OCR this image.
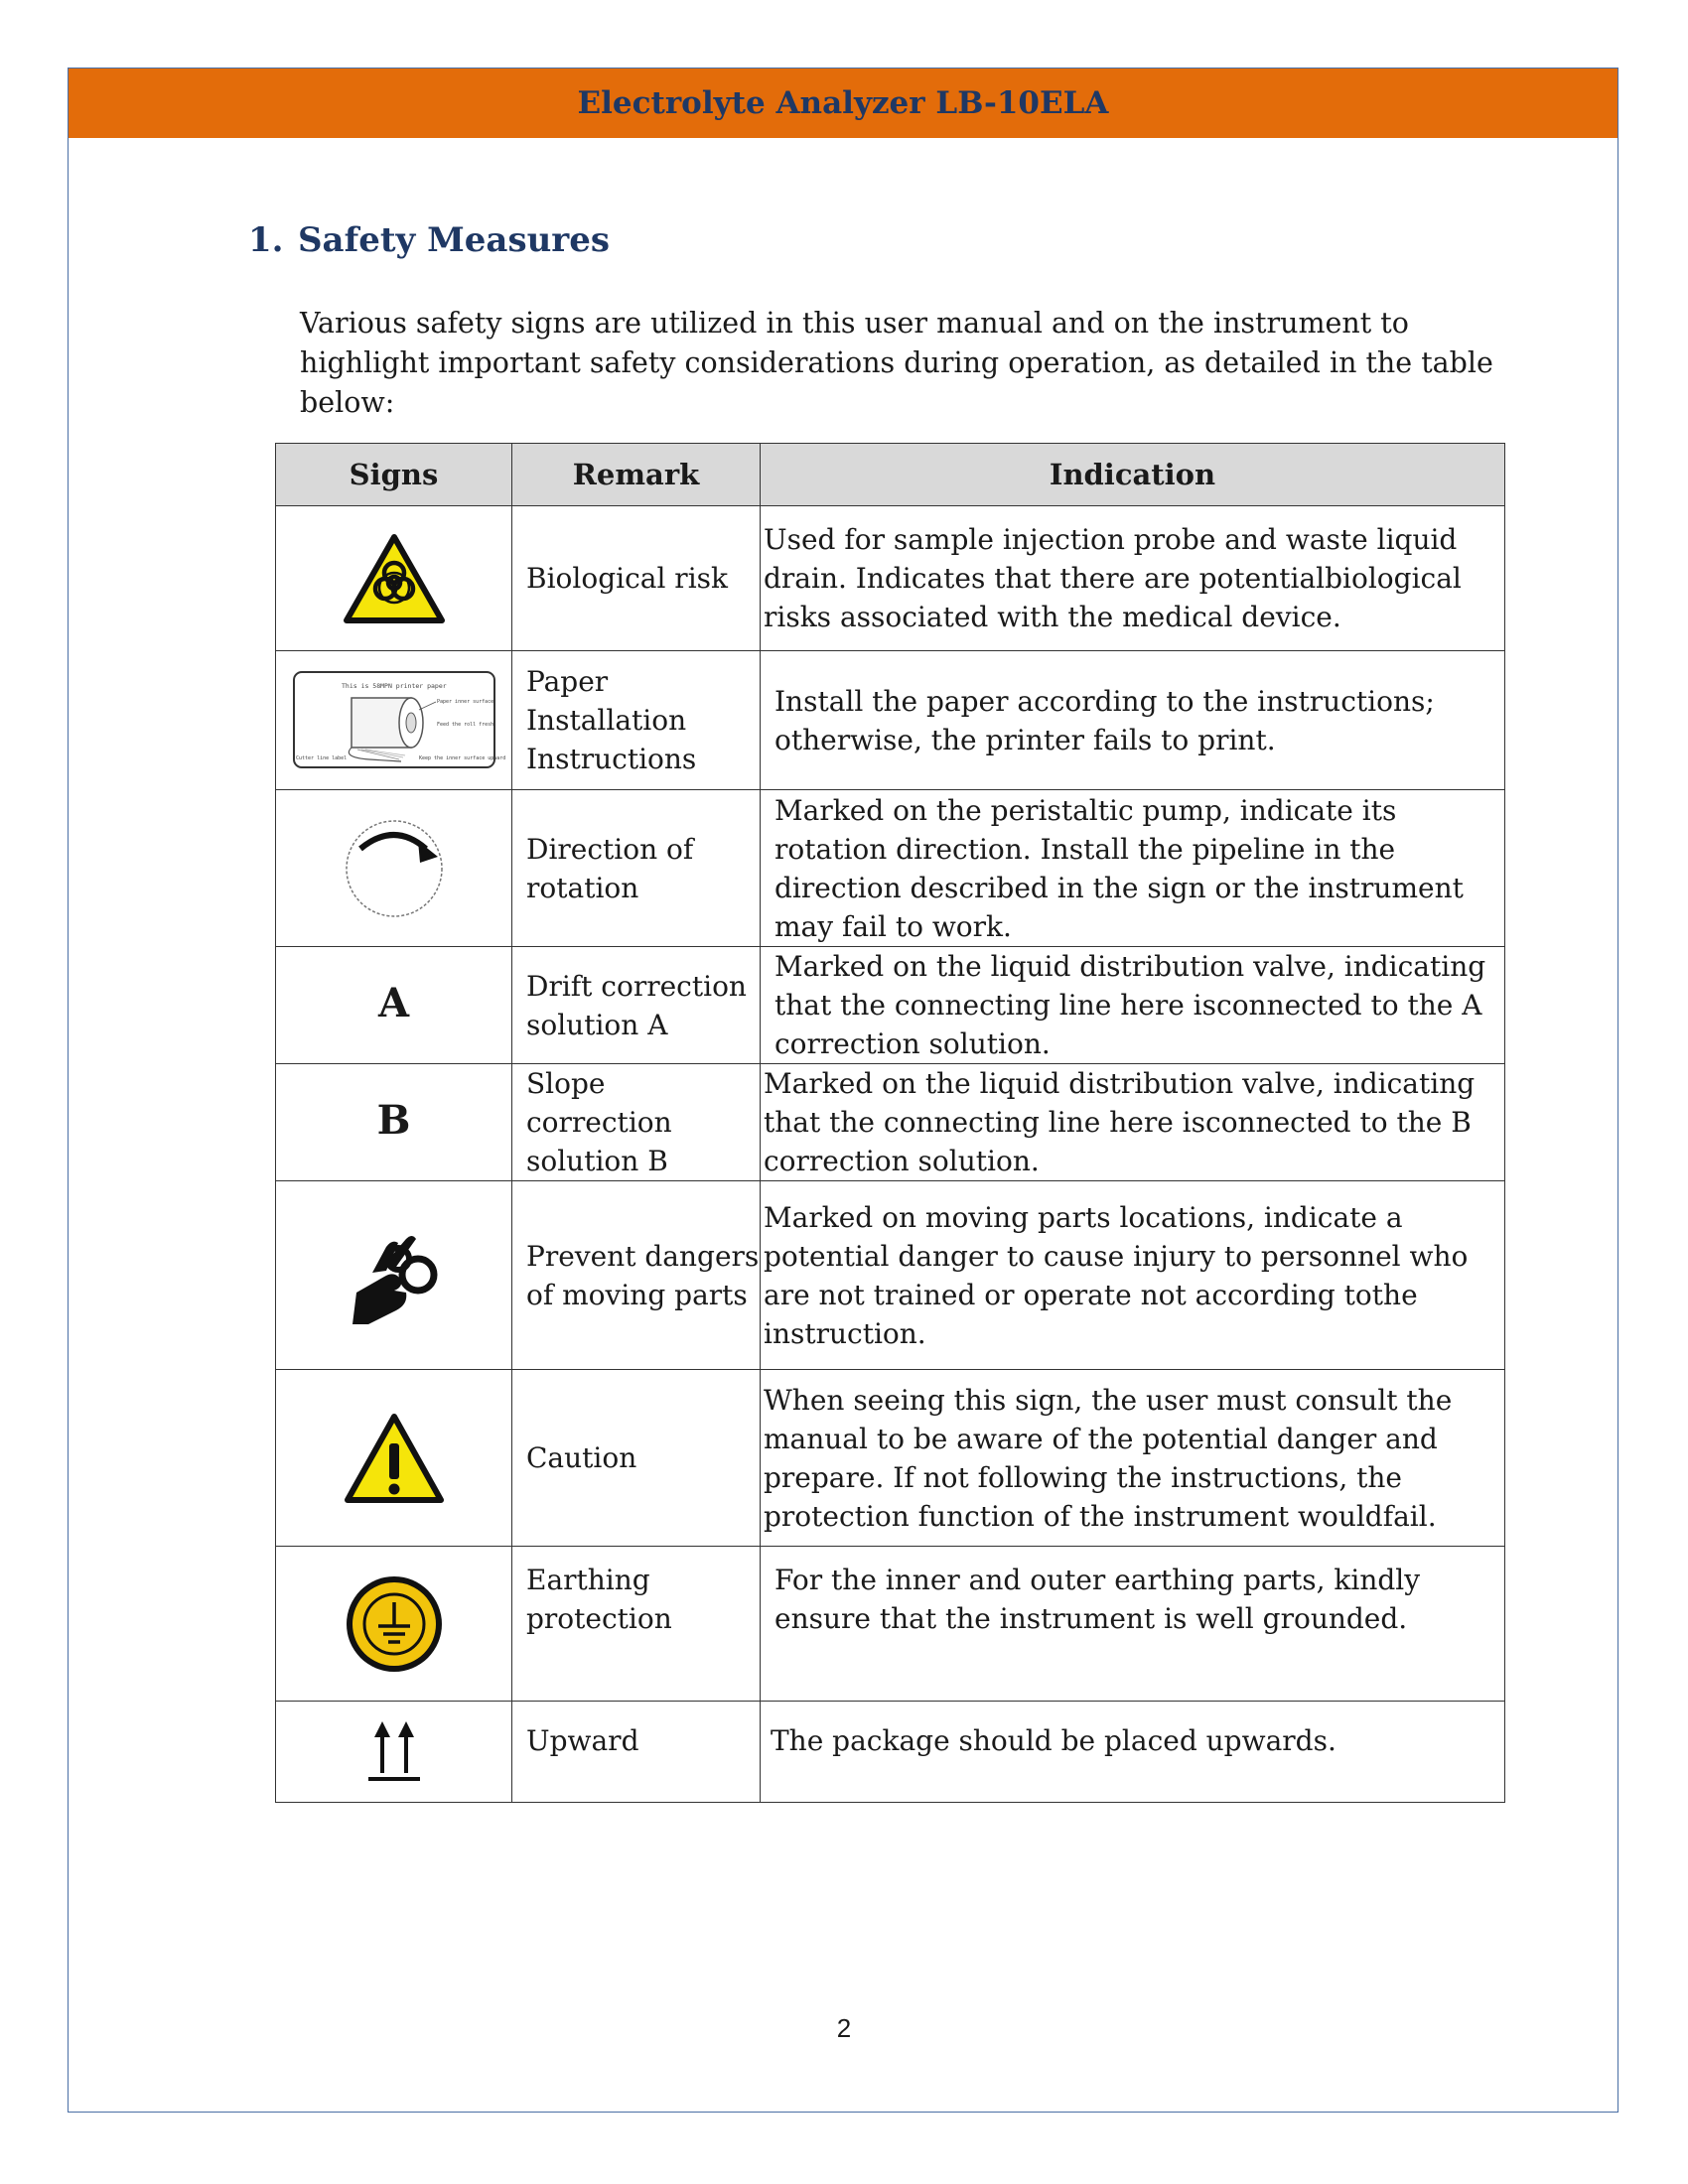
Electrolyte Analyzer LB-10ELA
1. Safety Measures
Various safety signs are utilized in this user manual and on the instrument to highlight important safety considerations during operation, as detailed in the table below:
Signs	Remark	Indication
	Biological risk	Used for sample injection probe and waste liquid drain. Indicates that there are potentialbiological risks associated with the medical device.

This is 58MPN printer paper
Paper inner surface
Feed the roll fresh
Cutter line label Keep the inner surface upward	Paper Installation Instructions	Install the paper according to the instructions; otherwise, the printer fails to print.
	Direction of rotation	Marked on the peristaltic pump, indicate its rotation direction. Install the pipeline in the direction described in the sign or the instrument may fail to work.
A	Drift correction solution A	Marked on the liquid distribution valve, indicating that the connecting line here isconnected to the A correction solution.
B	Slope correction solution B	Marked on the liquid distribution valve, indicating that the connecting line here isconnected to the B correction solution.
	Prevent dangers of moving parts	Marked on moving parts locations, indicate a potential danger to cause injury to personnel who are not trained or operate not according tothe instruction.
	Caution	When seeing this sign, the user must consult the manual to be aware of the potential danger and prepare. If not following the instructions, the protection function of the instrument wouldfail.
	Earthing protection	For the inner and outer earthing parts, kindly ensure that the instrument is well grounded.
	Upward	The package should be placed upwards.
2
